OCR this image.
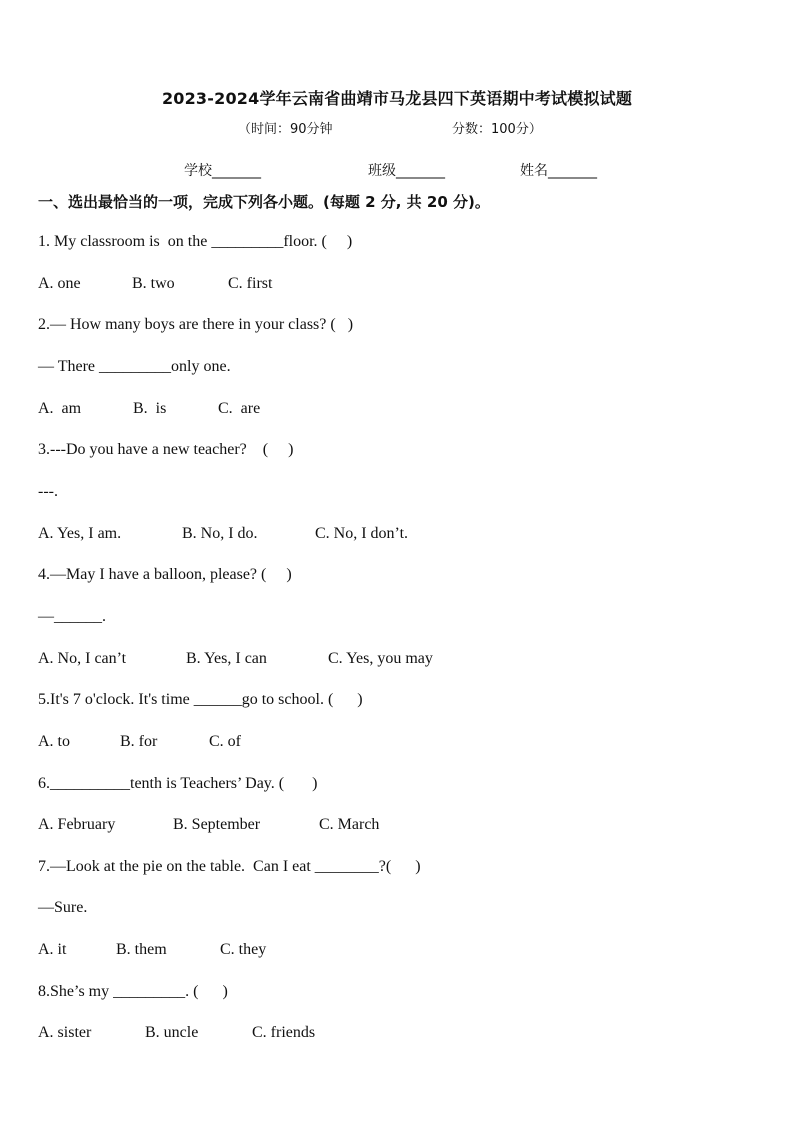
2023-2024学年云南省曲靖市马龙县四下英语期中考试模拟试题
（时间：90分钟	分数：100分）
学校_______	班级_______	姓名_______
一、选出最恰当的一项，完成下列各小题。(每题 2 分, 共 20 分)。
1. My classroom is  on the _________floor. (     )
A. one	B. two	C. first
2.— How many boys are there in your class? (   )
— There _________only one.
A.  am	B.  is	C.  are
3.---Do you have a new teacher?    (     )
---.
A. Yes, I am.	B. No, I do.	C. No, I don’t.
4.—May I have a balloon, please? (     )
—______.
A. No, I can’t	B. Yes, I can	C. Yes, you may
5.It's 7 o'clock. It's time ______go to school. (      )
A. to	B. for	C. of
6.__________tenth is Teachers’ Day. (       )
A. February	B. September	C. March
7.—Look at the pie on the table.  Can I eat ________?(      )
—Sure.
A. it	B. them	C. they
8.She’s my _________. (      )
A. sister	B. uncle	C. friends
